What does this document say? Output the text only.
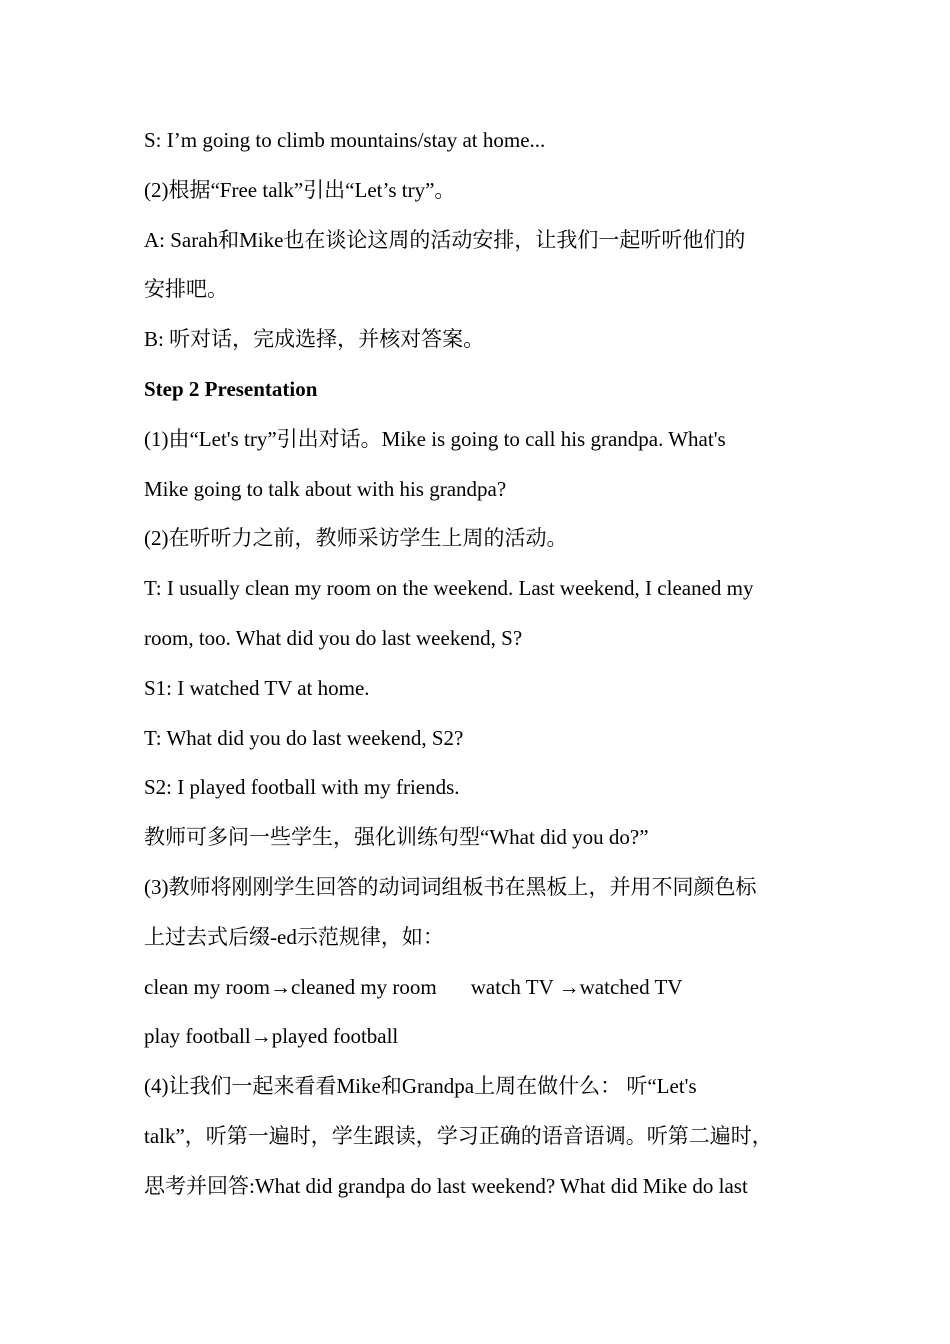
S: I’m going to climb mountains/stay at home...
(2)根据“Free talk”引出“Let’s try”。
A: Sarah和Mike也在谈论这周的活动安排，让我们一起听听他们的
安排吧。
B: 听对话，完成选择，并核对答案。
Step 2 Presentation
(1)由“Let's try”引出对话。Mike is going to call his grandpa. What's
Mike going to talk about with his grandpa?
(2)在听听力之前，教师采访学生上周的活动。
T: I usually clean my room on the weekend. Last weekend, I cleaned my
room, too. What did you do last weekend, S?
S1: I watched TV at home.
T: What did you do last weekend, S2?
S2: I played football with my friends.
教师可多问一些学生，强化训练句型“What did you do?”
(3)教师将刚刚学生回答的动词词组板书在黑板上，并用不同颜色标
上过去式后缀-ed示范规律，如：
clean my room→cleaned my room watch TV →watched TV
play football→played football
(4)让我们一起来看看Mike和Grandpa上周在做什么： 听“Let's
talk”，听第一遍时，学生跟读，学习正确的语音语调。听第二遍时，
思考并回答:What did grandpa do last weekend? What did Mike do last
